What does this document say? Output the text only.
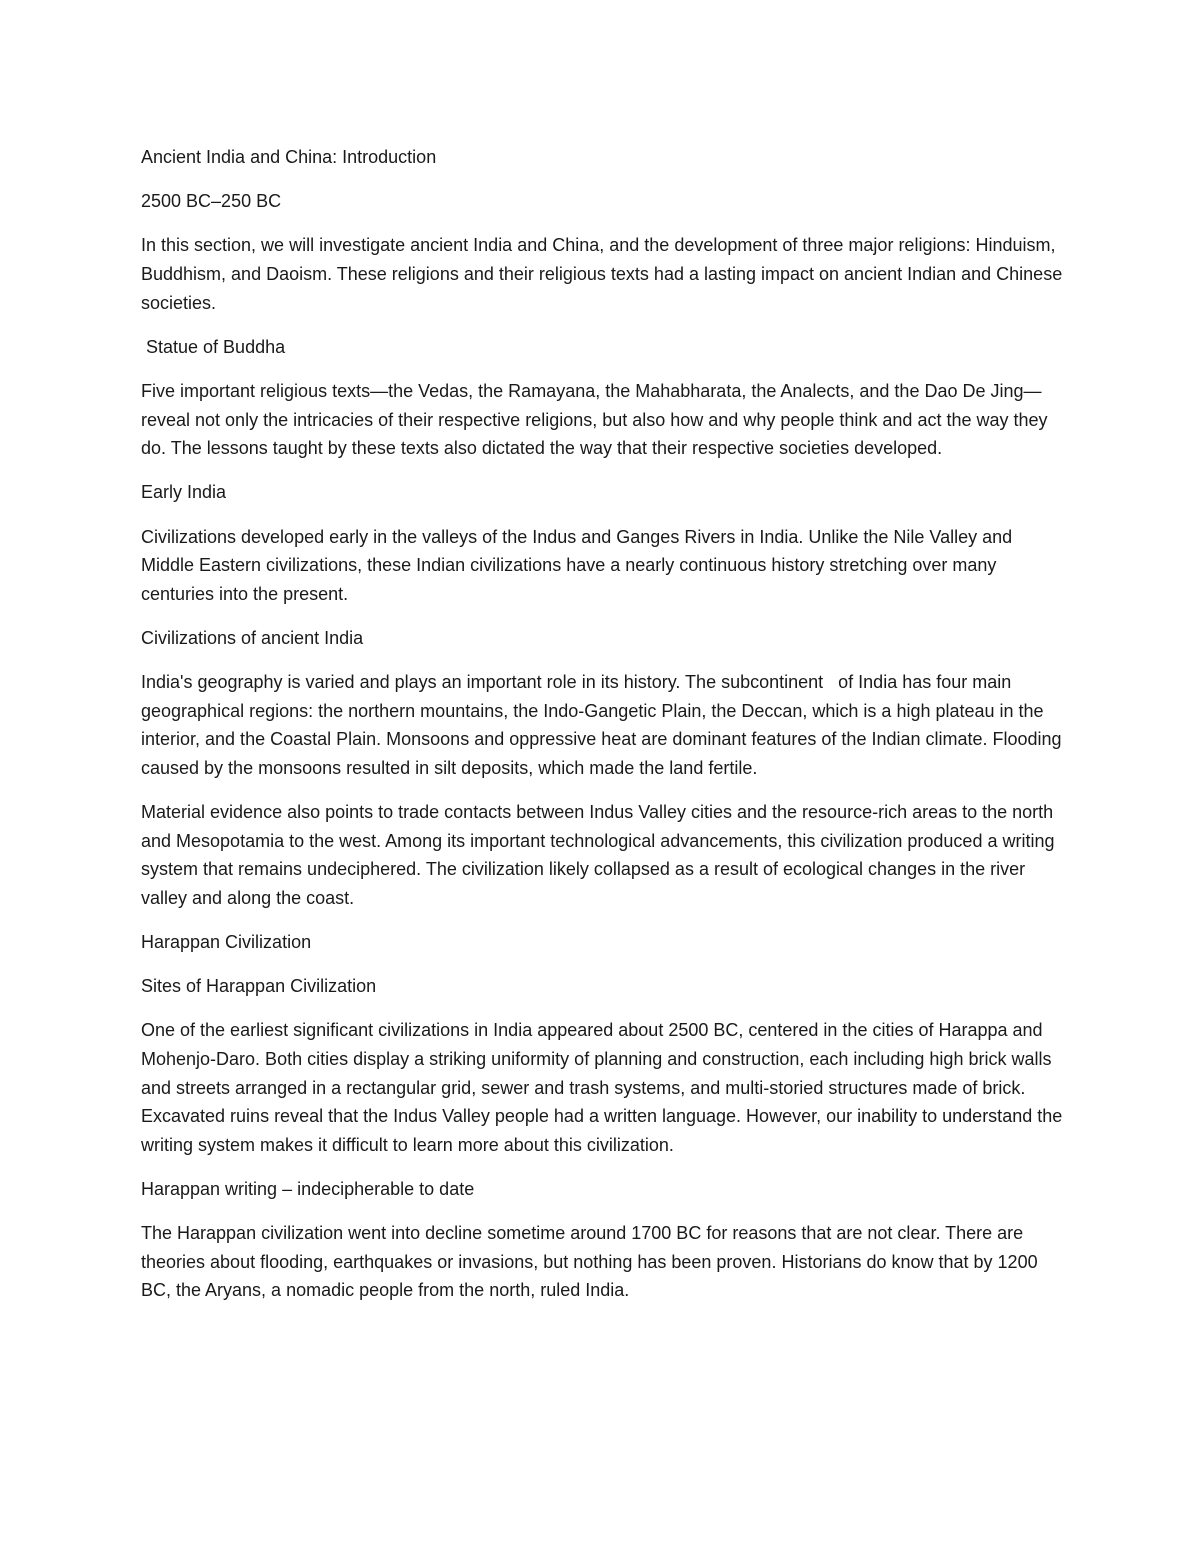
Ancient India and China: Introduction

2500 BC–250 BC

In this section, we will investigate ancient India and China, and the development of three major religions: Hinduism, Buddhism, and Daoism. These religions and their religious texts had a lasting impact on ancient Indian and Chinese societies.

Statue of Buddha

Five important religious texts—the Vedas, the Ramayana, the Mahabharata, the Analects, and the Dao De Jing—reveal not only the intricacies of their respective religions, but also how and why people think and act the way they do. The lessons taught by these texts also dictated the way that their respective societies developed.

Early India

Civilizations developed early in the valleys of the Indus and Ganges Rivers in India. Unlike the Nile Valley and Middle Eastern civilizations, these Indian civilizations have a nearly continuous history stretching over many centuries into the present.

Civilizations of ancient India

India's geography is varied and plays an important role in its history. The subcontinent   of India has four main geographical regions: the northern mountains, the Indo-Gangetic Plain, the Deccan, which is a high plateau in the interior, and the Coastal Plain. Monsoons and oppressive heat are dominant features of the Indian climate. Flooding caused by the monsoons resulted in silt deposits, which made the land fertile.

Material evidence also points to trade contacts between Indus Valley cities and the resource-rich areas to the north and Mesopotamia to the west. Among its important technological advancements, this civilization produced a writing system that remains undeciphered. The civilization likely collapsed as a result of ecological changes in the river valley and along the coast.

Harappan Civilization

Sites of Harappan Civilization

One of the earliest significant civilizations in India appeared about 2500 BC, centered in the cities of Harappa and Mohenjo-Daro. Both cities display a striking uniformity of planning and construction, each including high brick walls and streets arranged in a rectangular grid, sewer and trash systems, and multi-storied structures made of brick. Excavated ruins reveal that the Indus Valley people had a written language. However, our inability to understand the writing system makes it difficult to learn more about this civilization.

Harappan writing – indecipherable to date

The Harappan civilization went into decline sometime around 1700 BC for reasons that are not clear. There are theories about flooding, earthquakes or invasions, but nothing has been proven. Historians do know that by 1200 BC, the Aryans, a nomadic people from the north, ruled India.
